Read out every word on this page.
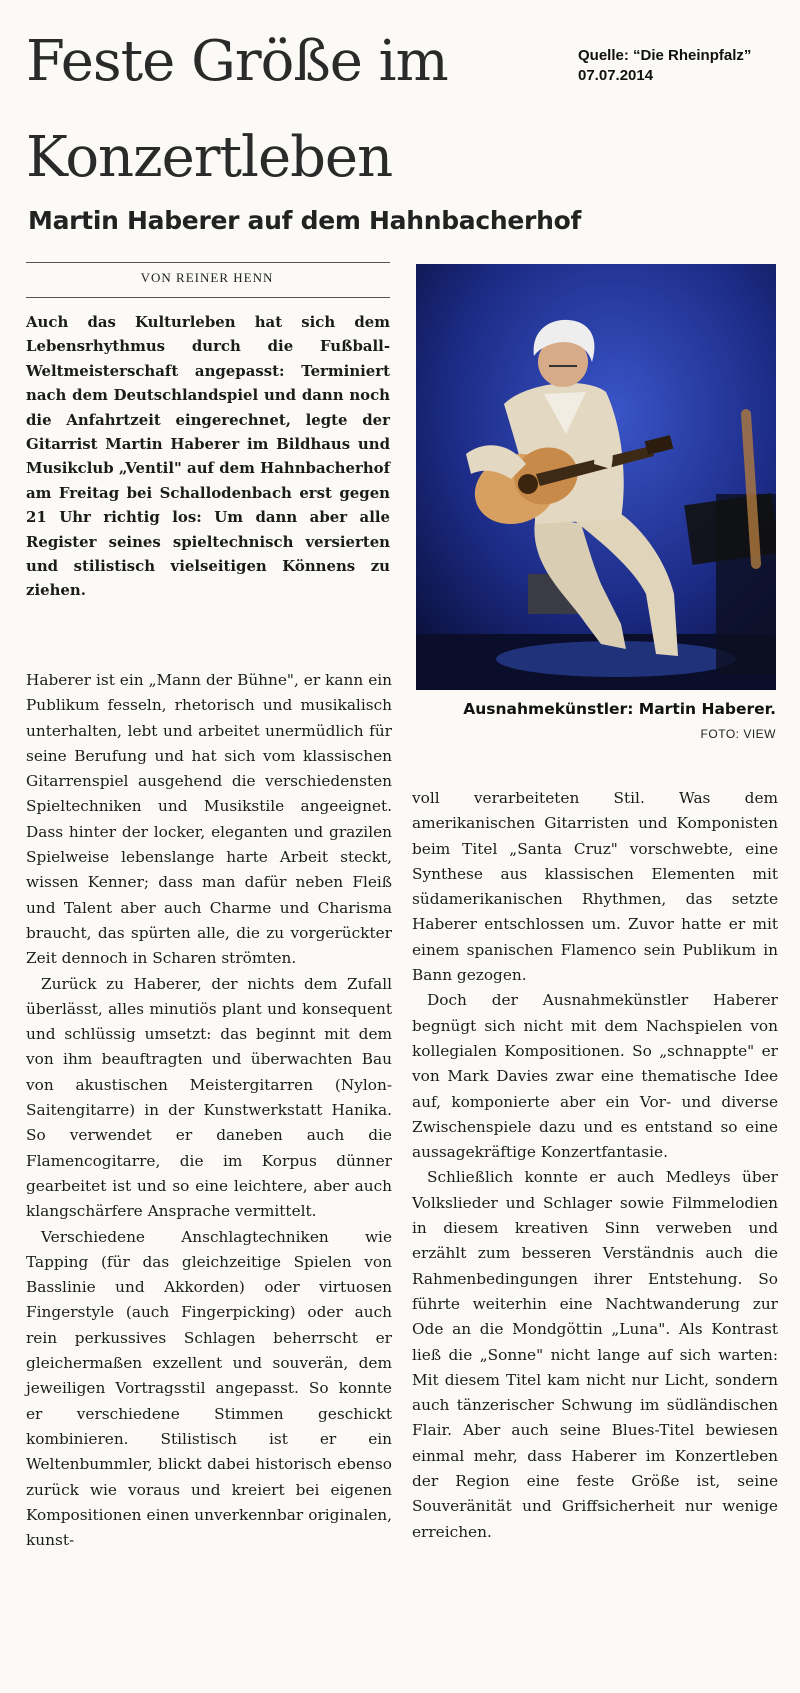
Feste Größe im
Konzertleben
Quelle: “Die Rheinpfalz”
07.07.2014
Martin Haberer auf dem Hahnbacherhof
VON REINER HENN

Auch das Kulturleben hat sich dem Lebensrhythmus durch die Fußball-Weltmeisterschaft angepasst: Terminiert nach dem Deutschlandspiel und dann noch die Anfahrtzeit eingerechnet, legte der Gitarrist Martin Haberer im Bildhaus und Musikclub „Ventil" auf dem Hahnbacherhof am Freitag bei Schallodenbach erst gegen 21 Uhr richtig los: Um dann aber alle Register seines spieltechnisch versierten und stilistisch vielseitigen Könnens zu ziehen.

Ausnahmekünstler: Martin Haberer.
FOTO: VIEW

Haberer ist ein „Mann der Bühne", er kann ein Publikum fesseln, rhetorisch und musikalisch unterhalten, lebt und arbeitet unermüdlich für seine Berufung und hat sich vom klassischen Gitarrenspiel ausgehend die verschiedensten Spieltechniken und Musikstile angeeignet. Dass hinter der locker, eleganten und grazilen Spielweise lebenslange harte Arbeit steckt, wissen Kenner; dass man dafür neben Fleiß und Talent aber auch Charme und Charisma braucht, das spürten alle, die zu vorgerückter Zeit dennoch in Scharen strömten.

Zurück zu Haberer, der nichts dem Zufall überlässt, alles minutiös plant und konsequent und schlüssig umsetzt: das beginnt mit dem von ihm beauftragten und überwachten Bau von akustischen Meistergitarren (Nylon-Saitengitarre) in der Kunstwerkstatt Hanika. So verwendet er daneben auch die Flamencogitarre, die im Korpus dünner gearbeitet ist und so eine leichtere, aber auch klangschärfere Ansprache vermittelt.

Verschiedene Anschlagtechniken wie Tapping (für das gleichzeitige Spielen von Basslinie und Akkorden) oder virtuosen Fingerstyle (auch Fingerpicking) oder auch rein perkussives Schlagen beherrscht er gleichermaßen exzellent und souverän, dem jeweiligen Vortragsstil angepasst. So konnte er verschiedene Stimmen geschickt kombinieren. Stilistisch ist er ein Weltenbummler, blickt dabei historisch ebenso zurück wie voraus und kreiert bei eigenen Kompositionen einen unverkennbar originalen, kunst-

voll verarbeiteten Stil. Was dem amerikanischen Gitarristen und Komponisten beim Titel „Santa Cruz" vorschwebte, eine Synthese aus klassischen Elementen mit südamerikanischen Rhythmen, das setzte Haberer entschlossen um. Zuvor hatte er mit einem spanischen Flamenco sein Publikum in Bann gezogen.

Doch der Ausnahmekünstler Haberer begnügt sich nicht mit dem Nachspielen von kollegialen Kompositionen. So „schnappte" er von Mark Davies zwar eine thematische Idee auf, komponierte aber ein Vor- und diverse Zwischenspiele dazu und es entstand so eine aussagekräftige Konzertfantasie.

Schließlich konnte er auch Medleys über Volkslieder und Schlager sowie Filmmelodien in diesem kreativen Sinn verweben und erzählt zum besseren Verständnis auch die Rahmenbedingungen ihrer Entstehung. So führte weiterhin eine Nachtwanderung zur Ode an die Mondgöttin „Luna". Als Kontrast ließ die „Sonne" nicht lange auf sich warten: Mit diesem Titel kam nicht nur Licht, sondern auch tänzerischer Schwung im südländischen Flair. Aber auch seine Blues-Titel bewiesen einmal mehr, dass Haberer im Konzertleben der Region eine feste Größe ist, seine Souveränität und Griffsicherheit nur wenige erreichen.
